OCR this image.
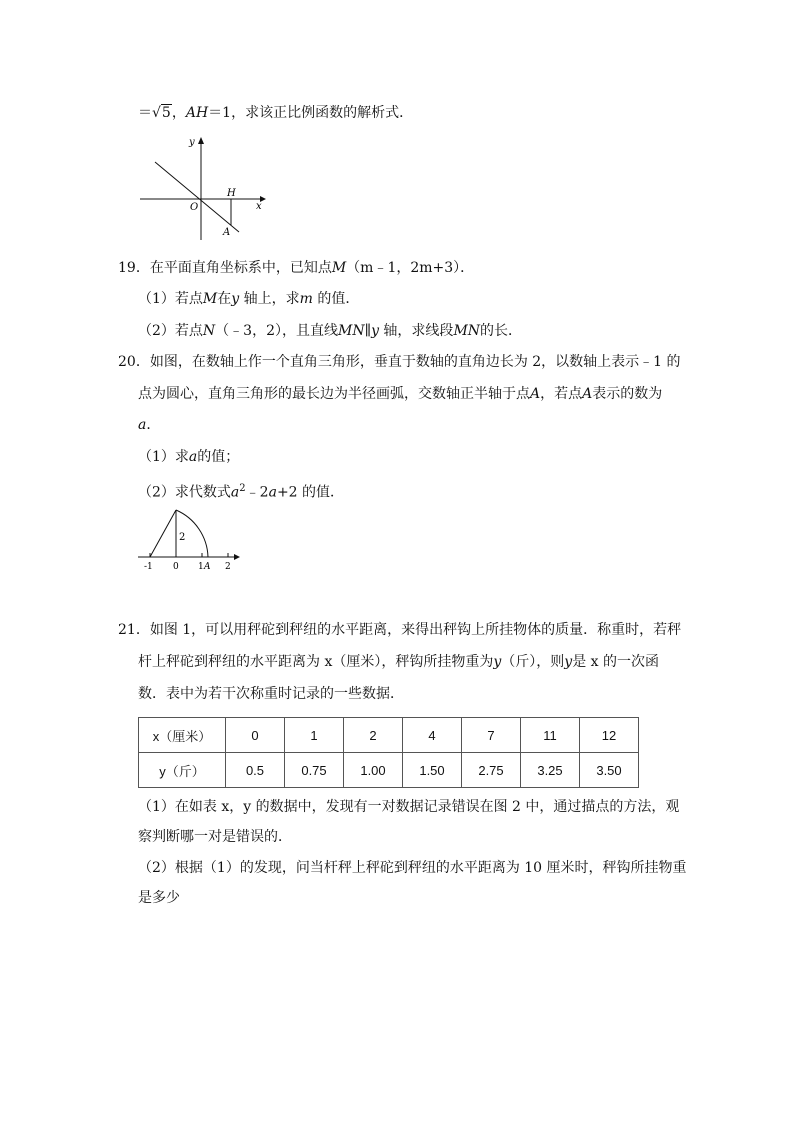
＝√5，AH＝1，求该正比例函数的解析式．
y
x
O
H
A
19．在平面直角坐标系中，已知点M（m﹣1，2m+3）．
（1）若点M在y 轴上，求m 的值．
（2）若点N（﹣3，2），且直线MN∥y 轴，求线段MN的长．
20．如图，在数轴上作一个直角三角形，垂直于数轴的直角边长为 2，以数轴上表示﹣1 的
点为圆心，直角三角形的最长边为半径画弧，交数轴正半轴于点A，若点A表示的数为
a．
（1）求a的值；
（2）求代数式$a^2﹣2a+2$ 的值．
2
-1 0 1 A 2
21．如图 1，可以用秤砣到秤纽的水平距离，来得出秤钩上所挂物体的质量．称重时，若秤
杆上秤砣到秤纽的水平距离为 x（厘米），秤钩所挂物重为y（斤），则y是 x 的一次函
数．表中为若干次称重时记录的一些数据．
x（厘米）	0	1	2	4	7	11	12
y（斤）	0.5	0.75	1.00	1.50	2.75	3.25	3.50
（1）在如表 x，y 的数据中，发现有一对数据记录错误在图 2 中，通过描点的方法，观
察判断哪一对是错误的．
（2）根据（1）的发现，问当杆秤上秤砣到秤纽的水平距离为 10 厘米时，秤钩所挂物重
是多少
